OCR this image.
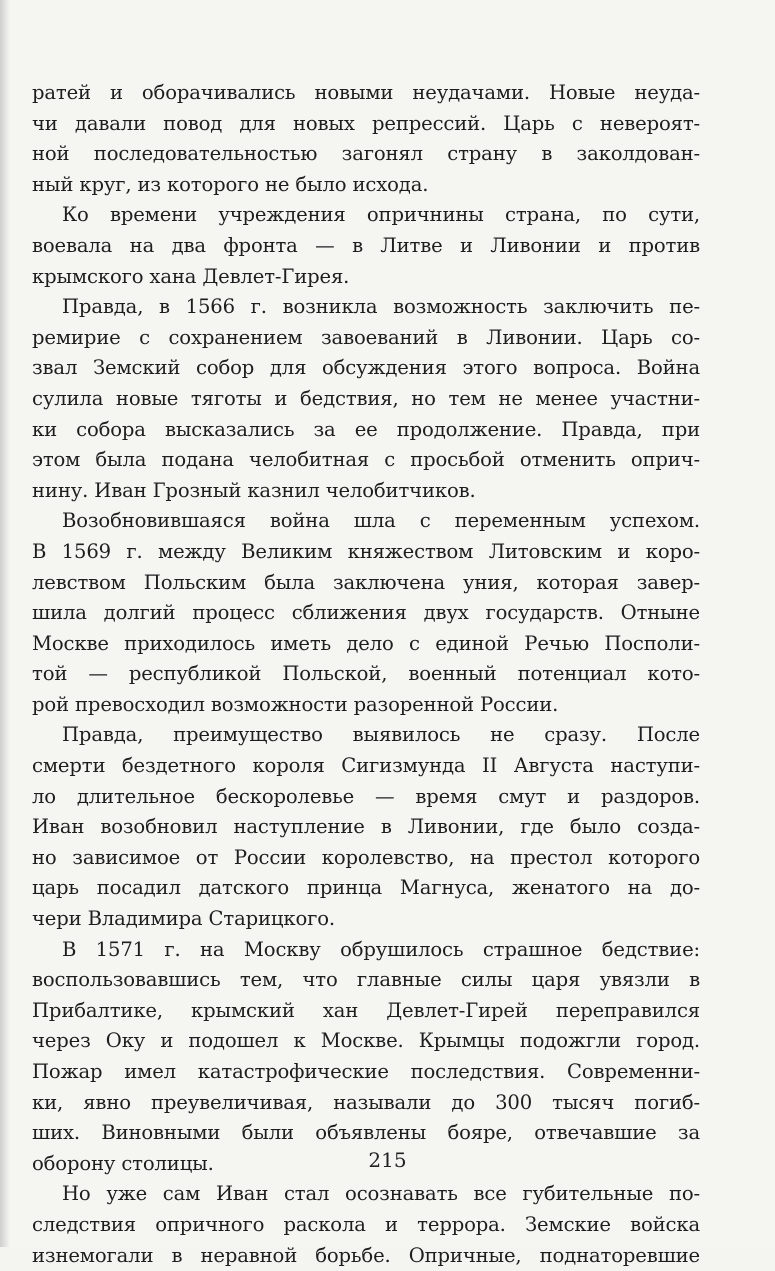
ратей и оборачивались новыми неудачами. Новые неуда-
чи давали повод для новых репрессий. Царь с невероят-
ной последовательностью загонял страну в заколдован-
ный круг, из которого не было исхода.
Ко времени учреждения опричнины страна, по сути,
воевала на два фронта — в Литве и Ливонии и против
крымского хана Девлет-Гирея.
Правда, в 1566 г. возникла возможность заключить пе-
ремирие с сохранением завоеваний в Ливонии. Царь со-
звал Земский собор для обсуждения этого вопроса. Война
сулила новые тяготы и бедствия, но тем не менее участни-
ки собора высказались за ее продолжение. Правда, при
этом была подана челобитная с просьбой отменить оприч-
нину. Иван Грозный казнил челобитчиков.
Возобновившаяся война шла с переменным успехом.
В 1569 г. между Великим княжеством Литовским и коро-
левством Польским была заключена уния, которая завер-
шила долгий процесс сближения двух государств. Отныне
Москве приходилось иметь дело с единой Речью Посполи-
той — республикой Польской, военный потенциал кото-
рой превосходил возможности разоренной России.
Правда, преимущество выявилось не сразу. После
смерти бездетного короля Сигизмунда II Августа наступи-
ло длительное бескоролевье — время смут и раздоров.
Иван возобновил наступление в Ливонии, где было созда-
но зависимое от России королевство, на престол которого
царь посадил датского принца Магнуса, женатого на до-
чери Владимира Старицкого.
В 1571 г. на Москву обрушилось страшное бедствие:
воспользовавшись тем, что главные силы царя увязли в
Прибалтике, крымский хан Девлет-Гирей переправился
через Оку и подошел к Москве. Крымцы подожгли город.
Пожар имел катастрофические последствия. Современни-
ки, явно преувеличивая, называли до 300 тысяч погиб-
ших. Виновными были объявлены бояре, отвечавшие за
оборону столицы.
Но уже сам Иван стал осознавать все губительные по-
следствия опричного раскола и террора. Земские войска
изнемогали в неравной борьбе. Опричные, поднаторевшие
215
